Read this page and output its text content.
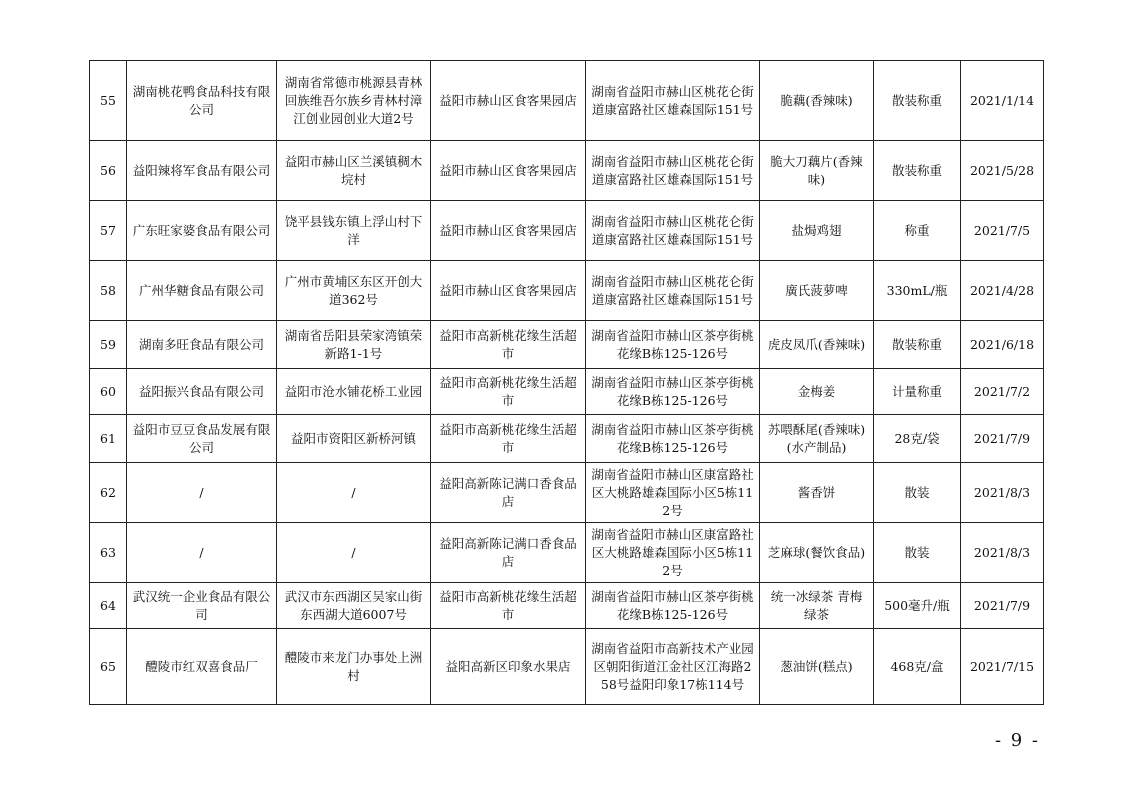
55	湖南桃花鸭食品科技有限公司	湖南省常德市桃源县青林回族维吾尔族乡青林村漳江创业园创业大道2号	益阳市赫山区食客果园店	湖南省益阳市赫山区桃花仑街道康富路社区雄森国际151号	脆藕(香辣味)	散装称重	2021/1/14
56	益阳辣将军食品有限公司	益阳市赫山区兰溪镇稠木垸村	益阳市赫山区食客果园店	湖南省益阳市赫山区桃花仑街道康富路社区雄森国际151号	脆大刀藕片(香辣味)	散装称重	2021/5/28
57	广东旺家婆食品有限公司	饶平县钱东镇上浮山村下洋	益阳市赫山区食客果园店	湖南省益阳市赫山区桃花仑街道康富路社区雄森国际151号	盐焗鸡翅	称重	2021/7/5
58	广州华糖食品有限公司	广州市黄埔区东区开创大道362号	益阳市赫山区食客果园店	湖南省益阳市赫山区桃花仑街道康富路社区雄森国际151号	廣氏菠萝啤	330mL/瓶	2021/4/28
59	湖南多旺食品有限公司	湖南省岳阳县荣家湾镇荣新路1-1号	益阳市高新桃花缘生活超市	湖南省益阳市赫山区茶亭街桃花缘B栋125-126号	虎皮凤爪(香辣味)	散装称重	2021/6/18
60	益阳振兴食品有限公司	益阳市沧水铺花桥工业园	益阳市高新桃花缘生活超市	湖南省益阳市赫山区茶亭街桃花缘B栋125-126号	金梅姜	计量称重	2021/7/2
61	益阳市豆豆食品发展有限公司	益阳市资阳区新桥河镇	益阳市高新桃花缘生活超市	湖南省益阳市赫山区茶亭街桃花缘B栋125-126号	苏喂酥尾(香辣味)(水产制品)	28克/袋	2021/7/9
62	/	/	益阳高新陈记满口香食品店	湖南省益阳市赫山区康富路社区大桃路雄森国际小区5栋112号	酱香饼	散装	2021/8/3
63	/	/	益阳高新陈记满口香食品店	湖南省益阳市赫山区康富路社区大桃路雄森国际小区5栋112号	芝麻球(餐饮食品)	散装	2021/8/3
64	武汉统一企业食品有限公司	武汉市东西湖区吴家山街东西湖大道6007号	益阳市高新桃花缘生活超市	湖南省益阳市赫山区茶亭街桃花缘B栋125-126号	统一冰绿茶 青梅绿茶	500毫升/瓶	2021/7/9
65	醴陵市红双喜食品厂	醴陵市来龙门办事处上洲村	益阳高新区印象水果店	湖南省益阳市高新技术产业园区朝阳街道江金社区江海路258号益阳印象17栋114号	葱油饼(糕点)	468克/盒	2021/7/15
- 9 -
